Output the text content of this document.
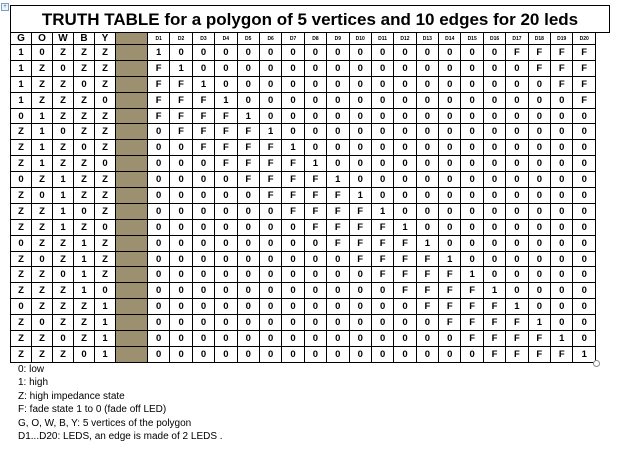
+
TRUTH TABLE for a polygon of 5 vertices and 10 edges for 20 leds
G	O	W	B	Y		D1	D2	D3	D4	D5	D6	D7	D8	D9	D10	D11	D12	D13	D14	D15	D16	D17	D18	D19	D20
1	0	Z	Z	Z		1	0	0	0	0	0	0	0	0	0	0	0	0	0	0	0	F	F	F	F
1	Z	0	Z	Z		F	1	0	0	0	0	0	0	0	0	0	0	0	0	0	0	0	F	F	F
1	Z	Z	0	Z		F	F	1	0	0	0	0	0	0	0	0	0	0	0	0	0	0	0	F	F
1	Z	Z	Z	0		F	F	F	1	0	0	0	0	0	0	0	0	0	0	0	0	0	0	0	F
0	1	Z	Z	Z		F	F	F	F	1	0	0	0	0	0	0	0	0	0	0	0	0	0	0	0
Z	1	0	Z	Z		0	F	F	F	F	1	0	0	0	0	0	0	0	0	0	0	0	0	0	0
Z	1	Z	0	Z		0	0	F	F	F	F	1	0	0	0	0	0	0	0	0	0	0	0	0	0
Z	1	Z	Z	0		0	0	0	F	F	F	F	1	0	0	0	0	0	0	0	0	0	0	0	0
0	Z	1	Z	Z		0	0	0	0	F	F	F	F	1	0	0	0	0	0	0	0	0	0	0	0
Z	0	1	Z	Z		0	0	0	0	0	F	F	F	F	1	0	0	0	0	0	0	0	0	0	0
Z	Z	1	0	Z		0	0	0	0	0	0	F	F	F	F	1	0	0	0	0	0	0	0	0	0
Z	Z	1	Z	0		0	0	0	0	0	0	0	F	F	F	F	1	0	0	0	0	0	0	0	0
0	Z	Z	1	Z		0	0	0	0	0	0	0	0	F	F	F	F	1	0	0	0	0	0	0	0
Z	0	Z	1	Z		0	0	0	0	0	0	0	0	0	F	F	F	F	1	0	0	0	0	0	0
Z	Z	0	1	Z		0	0	0	0	0	0	0	0	0	0	F	F	F	F	1	0	0	0	0	0
Z	Z	Z	1	0		0	0	0	0	0	0	0	0	0	0	0	F	F	F	F	1	0	0	0	0
0	Z	Z	Z	1		0	0	0	0	0	0	0	0	0	0	0	0	F	F	F	F	1	0	0	0
Z	0	Z	Z	1		0	0	0	0	0	0	0	0	0	0	0	0	0	F	F	F	F	1	0	0
Z	Z	0	Z	1		0	0	0	0	0	0	0	0	0	0	0	0	0	0	F	F	F	F	1	0
Z	Z	Z	0	1		0	0	0	0	0	0	0	0	0	0	0	0	0	0	0	F	F	F	F	1
0: low
1: high
Z: high impedance state
F: fade state 1 to 0 (fade off LED)
G, O, W, B, Y: 5 vertices of the polygon
D1...D20: LEDS, an edge is made of 2 LEDS .
